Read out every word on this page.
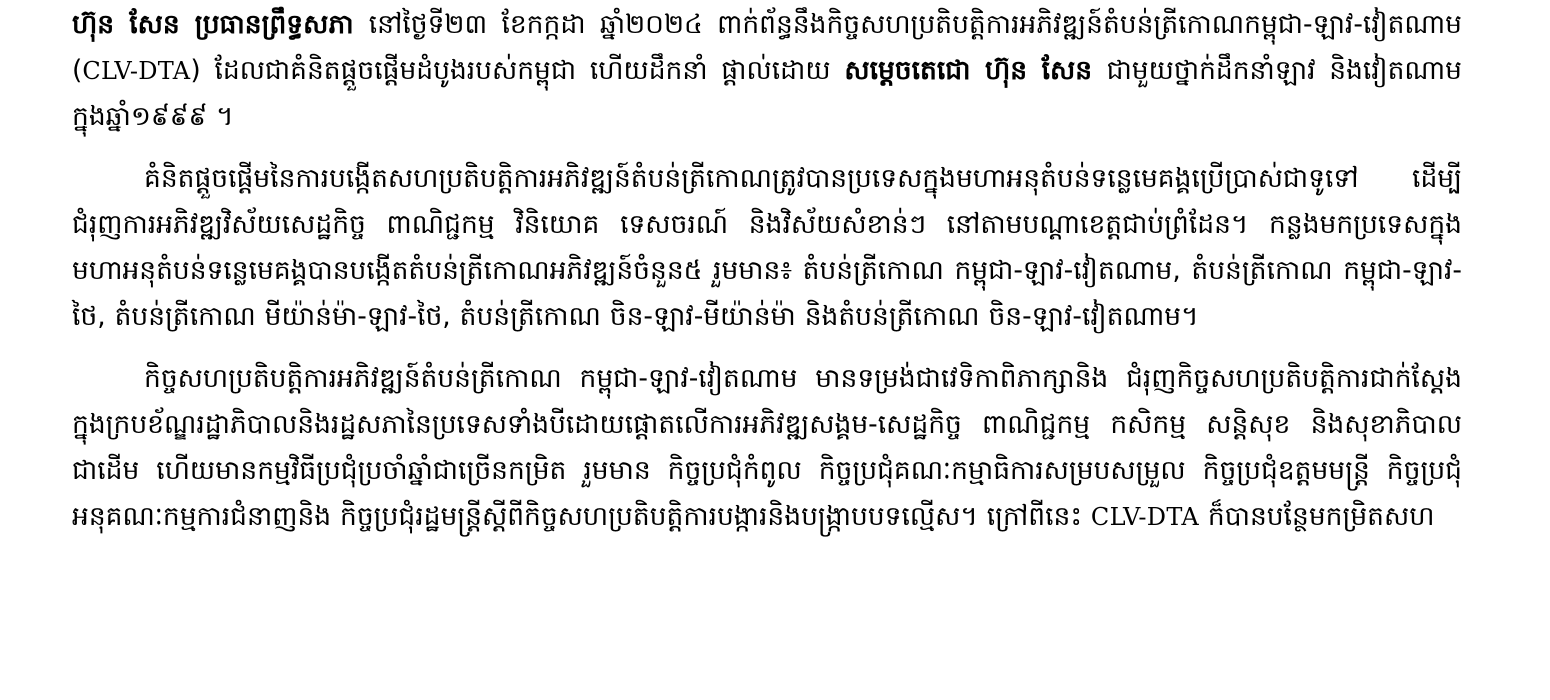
ហ៊ុន សែន ប្រធានព្រឹទ្ធសភា នៅថ្ងៃទី២៣ ខែកក្កដា ឆ្នាំ២០២៤ ពាក់ព័ន្ធនឹងកិច្ចសហប្រតិបត្តិការអភិវឌ្ឍន៍តំបន់ត្រីកោណកម្ពុជា-ឡាវ-វៀតណាម (CLV-DTA) ដែលជាគំនិតផ្តួចផ្តើមដំបូងរបស់កម្ពុជា ហើយដឹកនាំ ផ្តាល់ដោយ សម្តេចតេជោ ហ៊ុន សែន ជាមួយថ្នាក់ដឹកនាំឡាវ និងវៀតណាម ក្នុងឆ្នាំ១៩៩៩ ។

គំនិតផ្តួចផ្តើមនៃការបង្កើតសហប្រតិបត្តិការអភិវឌ្ឍន៍តំបន់ត្រីកោណត្រូវបានប្រទេសក្នុងមហាអនុតំបន់ទន្លេមេគង្គប្រើប្រាស់ជាទូទៅ ដើម្បីជំរុញការអភិវឌ្ឍវិស័យសេដ្ឋកិច្ច ពាណិជ្ជកម្ម វិនិយោគ ទេសចរណ៍ និងវិស័យសំខាន់ៗ នៅតាមបណ្តាខេត្តជាប់ព្រំដែន។ កន្លងមកប្រទេសក្នុងមហាអនុតំបន់ទន្លេមេគង្គបានបង្កើតតំបន់ត្រីកោណអភិវឌ្ឍន៍ចំនួន៥ រួមមាន៖ តំបន់ត្រីកោណ កម្ពុជា-ឡាវ-វៀតណាម, តំបន់ត្រីកោណ កម្ពុជា-ឡាវ-ថៃ, តំបន់ត្រីកោណ មីយ៉ាន់ម៉ា-ឡាវ-ថៃ, តំបន់ត្រីកោណ ចិន-ឡាវ-មីយ៉ាន់ម៉ា និងតំបន់ត្រីកោណ ចិន-ឡាវ-វៀតណាម។

កិច្ចសហប្រតិបត្តិការអភិវឌ្ឍន៍តំបន់ត្រីកោណ កម្ពុជា-ឡាវ-វៀតណាម មានទម្រង់ជាវេទិកាពិភាក្សានិង ជំរុញកិច្ចសហប្រតិបត្តិការជាក់ស្តែងក្នុងក្របខ័ណ្ឌរដ្ឋាភិបាលនិងរដ្ឋសភានៃប្រទេសទាំងបីដោយផ្តោតលើការអភិវឌ្ឍសង្គម-សេដ្ឋកិច្ច ពាណិជ្ជកម្ម កសិកម្ម សន្តិសុខ និងសុខាភិបាលជាដើម ហើយមានកម្មវិធីប្រជុំប្រចាំឆ្នាំជាច្រើនកម្រិត រួមមាន កិច្ចប្រជុំកំពូល កិច្ចប្រជុំគណៈកម្មាធិការសម្របសម្រួល កិច្ចប្រជុំឧត្តមមន្ត្រី កិច្ចប្រជុំអនុគណៈកម្មការជំនាញនិង កិច្ចប្រជុំរដ្ឋមន្ត្រីស្តីពីកិច្ចសហប្រតិបត្តិការបង្ការនិងបង្ក្រាបបទល្មើស។ ក្រៅពីនេះ CLV-DTA ក៏បានបន្ថែមកម្រិតសហ
